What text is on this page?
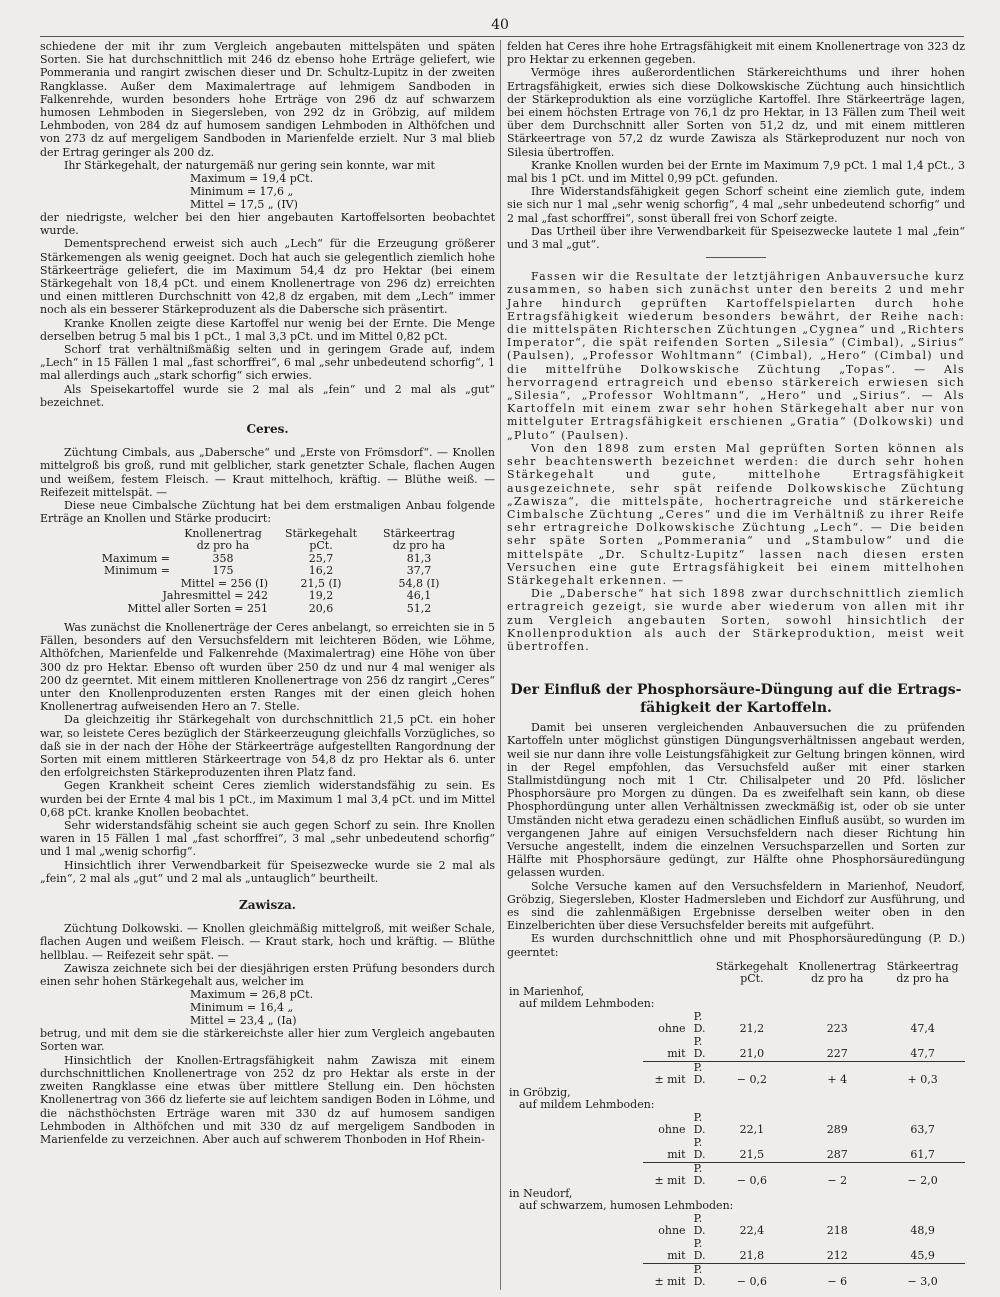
40

schiedene der mit ihr zum Vergleich angebauten mittelspäten und späten Sorten. Sie hat durchschnittlich mit 246 dz ebenso hohe Erträge geliefert, wie Pommerania und rangirt zwischen dieser und Dr. Schultz-Lupitz in der zweiten Rangklasse. Außer dem Maximalertrage auf lehmigem Sandboden in Falkenrehde, wurden besonders hohe Erträge von 296 dz auf schwarzem humosen Lehmboden in Siegersleben, von 292 dz in Gröbzig, auf mildem Lehmboden, von 284 dz auf humosem sandigen Lehmboden in Althöfchen und von 273 dz auf mergeligem Sandboden in Marienfelde erzielt. Nur 3 mal blieb der Ertrag geringer als 200 dz.

Ihr Stärkegehalt, der naturgemäß nur gering sein konnte, war mit

Maximum = 19,4 pCt.
Minimum = 17,6 „
Mittel = 17,5 „ (IV)

der niedrigste, welcher bei den hier angebauten Kartoffelsorten beobachtet wurde.

Dementsprechend erweist sich auch „Lech“ für die Erzeugung größerer Stärkemengen als wenig geeignet. Doch hat auch sie gelegentlich ziemlich hohe Stärkeerträge geliefert, die im Maximum 54,4 dz pro Hektar (bei einem Stärkegehalt von 18,4 pCt. und einem Knollenertrage von 296 dz) erreichten und einen mittleren Durchschnitt von 42,8 dz ergaben, mit dem „Lech“ immer noch als ein besserer Stärkeproduzent als die Dabersche sich präsentirt.

Kranke Knollen zeigte diese Kartoffel nur wenig bei der Ernte. Die Menge derselben betrug 5 mal bis 1 pCt., 1 mal 3,3 pCt. und im Mittel 0,82 pCt.

Schorf trat verhältnißmäßig selten und in geringem Grade auf, indem „Lech“ in 15 Fällen 1 mal „fast schorffrei“, 6 mal „sehr unbedeutend schorfig“, 1 mal allerdings auch „stark schorfig“ sich erwies.

Als Speisekartoffel wurde sie 2 mal als „fein“ und 2 mal als „gut“ bezeichnet.

Ceres.

Züchtung Cimbals, aus „Dabersche“ und „Erste von Frömsdorf“. — Knollen mittelgroß bis groß, rund mit gelblicher, stark genetzter Schale, flachen Augen und weißem, festem Fleisch. — Kraut mittelhoch, kräftig. — Blüthe weiß. — Reifezeit mittelspät. —

Diese neue Cimbalsche Züchtung hat bei dem erstmaligen Anbau folgende Erträge an Knollen und Stärke producirt:

	Knollenertrag	Stärkegehalt	Stärkeertrag
	dz pro ha	pCt.	dz pro ha
Maximum =	358	25,7	81,3
Minimum =	175	16,2	37,7
Mittel = 256 (I)		21,5 (I)	54,8 (I)
Jahresmittel = 242		19,2	46,1
Mittel aller Sorten = 251		20,6	51,2

Was zunächst die Knollenerträge der Ceres anbelangt, so erreichten sie in 5 Fällen, besonders auf den Versuchsfeldern mit leichteren Böden, wie Löhme, Althöfchen, Marienfelde und Falkenrehde (Maximalertrag) eine Höhe von über 300 dz pro Hektar. Ebenso oft wurden über 250 dz und nur 4 mal weniger als 200 dz geerntet. Mit einem mittleren Knollenertrage von 256 dz rangirt „Ceres“ unter den Knollenproduzenten ersten Ranges mit der einen gleich hohen Knollenertrag aufweisenden Hero an 7. Stelle.

Da gleichzeitig ihr Stärkegehalt von durchschnittlich 21,5 pCt. ein hoher war, so leistete Ceres bezüglich der Stärkeerzeugung gleichfalls Vorzügliches, so daß sie in der nach der Höhe der Stärkeerträge aufgestellten Rangordnung der Sorten mit einem mittleren Stärkeertrage von 54,8 dz pro Hektar als 6. unter den erfolgreichsten Stärkeproduzenten ihren Platz fand.

Gegen Krankheit scheint Ceres ziemlich widerstandsfähig zu sein. Es wurden bei der Ernte 4 mal bis 1 pCt., im Maximum 1 mal 3,4 pCt. und im Mittel 0,68 pCt. kranke Knollen beobachtet.

Sehr widerstandsfähig scheint sie auch gegen Schorf zu sein. Ihre Knollen waren in 15 Fällen 1 mal „fast schorffrei“, 3 mal „sehr unbedeutend schorfig“ und 1 mal „wenig schorfig“.

Hinsichtlich ihrer Verwendbarkeit für Speisezwecke wurde sie 2 mal als „fein“, 2 mal als „gut“ und 2 mal als „untauglich“ beurtheilt.

Zawisza.

Züchtung Dolkowski. — Knollen gleichmäßig mittelgroß, mit weißer Schale, flachen Augen und weißem Fleisch. — Kraut stark, hoch und kräftig. — Blüthe hellblau. — Reifezeit sehr spät. —

Zawisza zeichnete sich bei der diesjährigen ersten Prüfung besonders durch einen sehr hohen Stärkegehalt aus, welcher im

Maximum = 26,8 pCt.
Minimum = 16,4 „
Mittel = 23,4 „ (Ia)

betrug, und mit dem sie die stärkereichste aller hier zum Vergleich angebauten Sorten war.

Hinsichtlich der Knollen-Ertragsfähigkeit nahm Zawisza mit einem durchschnittlichen Knollenertrage von 252 dz pro Hektar als erste in der zweiten Rangklasse eine etwas über mittlere Stellung ein. Den höchsten Knollenertrag von 366 dz lieferte sie auf leichtem sandigen Boden in Löhme, und die nächsthöchsten Erträge waren mit 330 dz auf humosem sandigen Lehmboden in Althöfchen und mit 330 dz auf mergeligem Sandboden in Marienfelde zu verzeichnen. Aber auch auf schwerem Thonboden in Hof Rhein-

felden hat Ceres ihre hohe Ertragsfähigkeit mit einem Knollenertrage von 323 dz pro Hektar zu erkennen gegeben.

Vermöge ihres außerordentlichen Stärkereichthums und ihrer hohen Ertragsfähigkeit, erwies sich diese Dolkowskische Züchtung auch hinsichtlich der Stärkeproduktion als eine vorzügliche Kartoffel. Ihre Stärkeerträge lagen, bei einem höchsten Ertrage von 76,1 dz pro Hektar, in 13 Fällen zum Theil weit über dem Durchschnitt aller Sorten von 51,2 dz, und mit einem mittleren Stärkeertrage von 57,2 dz wurde Zawisza als Stärkeproduzent nur noch von Silesia übertroffen.

Kranke Knollen wurden bei der Ernte im Maximum 7,9 pCt. 1 mal 1,4 pCt., 3 mal bis 1 pCt. und im Mittel 0,99 pCt. gefunden.

Ihre Widerstandsfähigkeit gegen Schorf scheint eine ziemlich gute, indem sie sich nur 1 mal „sehr wenig schorfig“, 4 mal „sehr unbedeutend schorfig“ und 2 mal „fast schorffrei“, sonst überall frei von Schorf zeigte.

Das Urtheil über ihre Verwendbarkeit für Speisezwecke lautete 1 mal „fein“ und 3 mal „gut“.

Fassen wir die Resultate der letztjährigen Anbauversuche kurz zusammen, so haben sich zunächst unter den bereits 2 und mehr Jahre hindurch geprüften Kartoffelspielarten durch hohe Ertragsfähigkeit wiederum besonders bewährt, der Reihe nach: die mittelspäten Richterschen Züchtungen „Cygnea“ und „Richters Imperator“, die spät reifenden Sorten „Silesia“ (Cimbal), „Sirius“ (Paulsen), „Professor Wohltmann“ (Cimbal), „Hero“ (Cimbal) und die mittelfrühe Dolkowskische Züchtung „Topas“. — Als hervorragend ertragreich und ebenso stärkereich erwiesen sich „Silesia“, „Professor Wohltmann“, „Hero“ und „Sirius“. — Als Kartoffeln mit einem zwar sehr hohen Stärkegehalt aber nur von mittelguter Ertragsfähigkeit erschienen „Gratia“ (Dolkowski) und „Pluto“ (Paulsen).

Von den 1898 zum ersten Mal geprüften Sorten können als sehr beachtenswerth bezeichnet werden: die durch sehr hohen Stärkegehalt und gute, mittelhohe Ertragsfähigkeit ausgezeichnete, sehr spät reifende Dolkowskische Züchtung „Zawisza“, die mittelspäte, hochertragreiche und stärkereiche Cimbalsche Züchtung „Ceres“ und die im Verhältniß zu ihrer Reife sehr ertragreiche Dolkowskische Züchtung „Lech“. — Die beiden sehr späte Sorten „Pommerania“ und „Stambulow“ und die mittelspäte „Dr. Schultz-Lupitz“ lassen nach diesen ersten Versuchen eine gute Ertragsfähigkeit bei einem mittelhohen Stärkegehalt erkennen. —

Die „Dabersche“ hat sich 1898 zwar durchschnittlich ziemlich ertragreich gezeigt, sie wurde aber wiederum von allen mit ihr zum Vergleich angebauten Sorten, sowohl hinsichtlich der Knollenproduktion als auch der Stärkeproduktion, meist weit übertroffen.

Der Einfluß der Phosphorsäure-Düngung auf die Ertrags-
fähigkeit der Kartoffeln.

Damit bei unseren vergleichenden Anbauversuchen die zu prüfenden Kartoffeln unter möglichst günstigen Düngungsverhältnissen angebaut werden, weil sie nur dann ihre volle Leistungsfähigkeit zur Geltung bringen können, wird in der Regel empfohlen, das Versuchsfeld außer mit einer starken Stallmistdüngung noch mit 1 Ctr. Chilisalpeter und 20 Pfd. löslicher Phosphorsäure pro Morgen zu düngen. Da es zweifelhaft sein kann, ob diese Phosphordüngung unter allen Verhältnissen zweckmäßig ist, oder ob sie unter Umständen nicht etwa geradezu einen schädlichen Einfluß ausübt, so wurden im vergangenen Jahre auf einigen Versuchsfeldern nach dieser Richtung hin Versuche angestellt, indem die einzelnen Versuchsparzellen und Sorten zur Hälfte mit Phosphorsäure gedüngt, zur Hälfte ohne Phosphorsäuredüngung gelassen wurden.

Solche Versuche kamen auf den Versuchsfeldern in Marienhof, Neudorf, Gröbzig, Siegersleben, Kloster Hadmersleben und Eichdorf zur Ausführung, und es sind die zahlenmäßigen Ergebnisse derselben weiter oben in den Einzelberichten über diese Versuchsfelder bereits mit aufgeführt.

Es wurden durchschnittlich ohne und mit Phosphorsäuredüngung (P. D.) geerntet:

			Stärkegehalt	Knollenertrag	Stärkeertrag
			pCt.	dz pro ha	dz pro ha
in Marienhof,					
auf mildem Lehmboden:					
	ohne	P. D.	21,2	223	47,4
	mit	P. D.	21,0	227	47,7
	± mit	P. D.	− 0,2	+ 4	+ 0,3
in Gröbzig,					
auf mildem Lehmboden:					
	ohne	P. D.	22,1	289	63,7
	mit	P. D.	21,5	287	61,7
	± mit	P. D.	− 0,6	− 2	− 2,0
in Neudorf,					
auf schwarzem, humosen Lehmboden:					
	ohne	P. D.	22,4	218	48,9
	mit	P. D.	21,8	212	45,9
	± mit	P. D.	− 0,6	− 6	− 3,0
